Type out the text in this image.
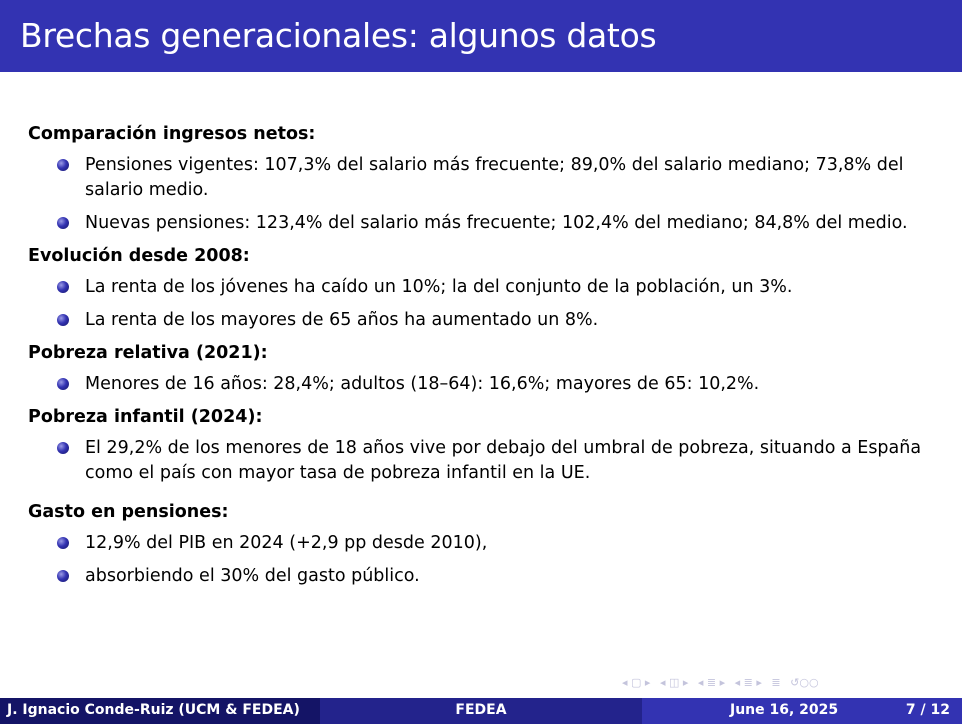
Brechas generacionales: algunos datos

Comparación ingresos netos:

Pensiones vigentes: 107,3% del salario más frecuente; 89,0% del salario mediano; 73,8% del salario medio.
Nuevas pensiones: 123,4% del salario más frecuente; 102,4% del mediano; 84,8% del medio.

Evolución desde 2008:

La renta de los jóvenes ha caído un 10%; la del conjunto de la población, un 3%.
La renta de los mayores de 65 años ha aumentado un 8%.

Pobreza relativa (2021):

Menores de 16 años: 28,4%; adultos (18–64): 16,6%; mayores de 65: 10,2%.

Pobreza infantil (2024):

El 29,2% de los menores de 18 años vive por debajo del umbral de pobreza, situando a España como el país con mayor tasa de pobreza infantil en la UE.

Gasto en pensiones:

12,9% del PIB en 2024 (+2,9 pp desde 2010),
absorbiendo el 30% del gasto público.
◂ ▢ ▸ ◂ ◫ ▸ ◂ ≣ ▸ ◂ ≣ ▸ ≣ ↺○○
J. Ignacio Conde-Ruiz (UCM & FEDEA)	FEDEA	June 16, 2025	7 / 12
